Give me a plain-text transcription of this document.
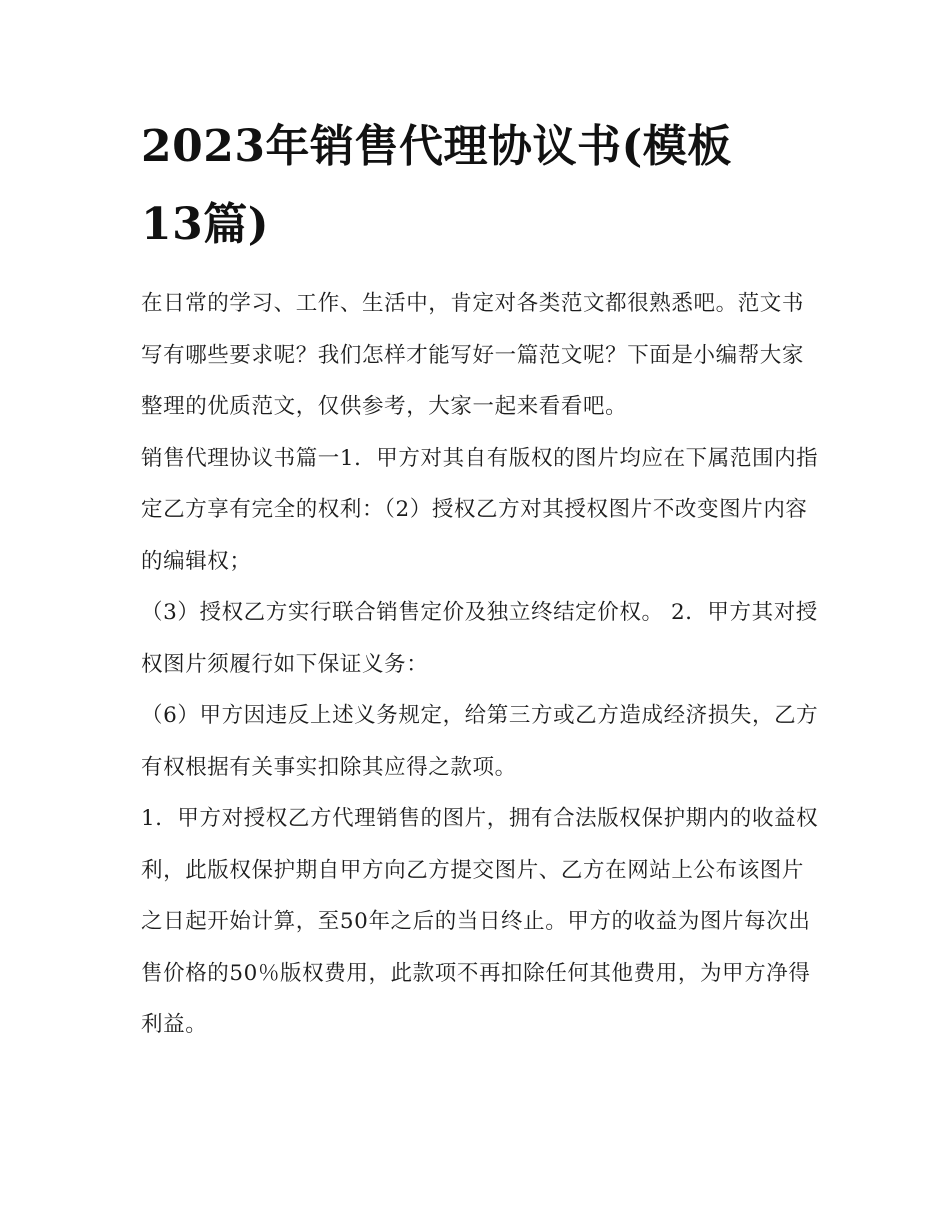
2023年销售代理协议书(模板
13篇)

在日常的学习、工作、生活中，肯定对各类范文都很熟悉吧。范文书写有哪些要求呢？我们怎样才能写好一篇范文呢？下面是小编帮大家整理的优质范文，仅供参考，大家一起来看看吧。

销售代理协议书篇一1．甲方对其自有版权的图片均应在下属范围内指定乙方享有完全的权利：（2）授权乙方对其授权图片不改变图片内容的编辑权；

（3）授权乙方实行联合销售定价及独立终结定价权。 2．甲方其对授权图片须履行如下保证义务：

（6）甲方因违反上述义务规定，给第三方或乙方造成经济损失，乙方有权根据有关事实扣除其应得之款项。

1．甲方对授权乙方代理销售的图片，拥有合法版权保护期内的收益权利，此版权保护期自甲方向乙方提交图片、乙方在网站上公布该图片之日起开始计算，至50年之后的当日终止。甲方的收益为图片每次出售价格的50％版权费用，此款项不再扣除任何其他费用，为甲方净得利益。
